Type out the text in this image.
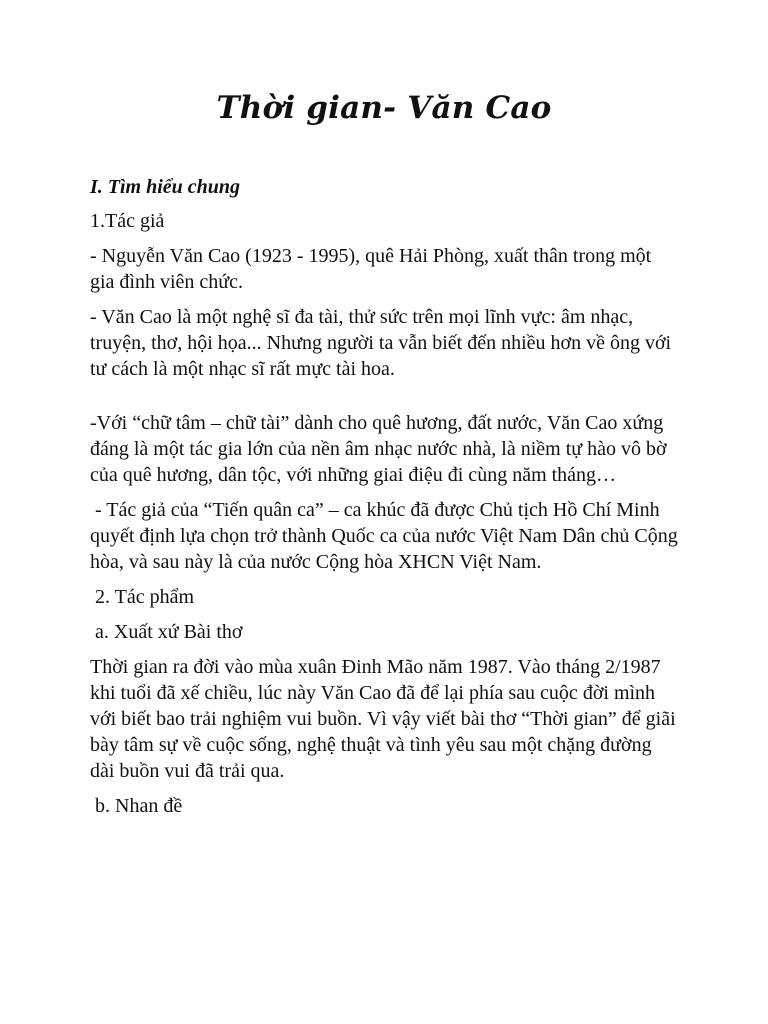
Thời gian- Văn Cao

I. Tìm hiểu chung

1.Tác giả

- Nguyễn Văn Cao (1923 - 1995), quê Hải Phòng, xuất thân trong một gia đình viên chức.

- Văn Cao là một nghệ sĩ đa tài, thử sức trên mọi lĩnh vực: âm nhạc, truyện, thơ, hội họa... Nhưng người ta vẫn biết đến nhiều hơn về ông với tư cách là một nhạc sĩ rất mực tài hoa.

-Với “chữ tâm – chữ tài” dành cho quê hương, đất nước, Văn Cao xứng đáng là một tác gia lớn của nền âm nhạc nước nhà, là niềm tự hào vô bờ của quê hương, dân tộc, với những giai điệu đi cùng năm tháng…

- Tác giả của “Tiến quân ca” – ca khúc đã được Chủ tịch Hồ Chí Minh quyết định lựa chọn trở thành Quốc ca của nước Việt Nam Dân chủ Cộng hòa, và sau này là của nước Cộng hòa XHCN Việt Nam.

2. Tác phẩm

a. Xuất xứ Bài thơ

Thời gian ra đời vào mùa xuân Đinh Mão năm 1987. Vào tháng 2/1987 khi tuổi đã xế chiều, lúc này Văn Cao đã để lại phía sau cuộc đời mình với biết bao trải nghiệm vui buồn. Vì vậy viết bài thơ “Thời gian” để giãi bày tâm sự về cuộc sống, nghệ thuật và tình yêu sau một chặng đường dài buồn vui đã trải qua.

b. Nhan đề
